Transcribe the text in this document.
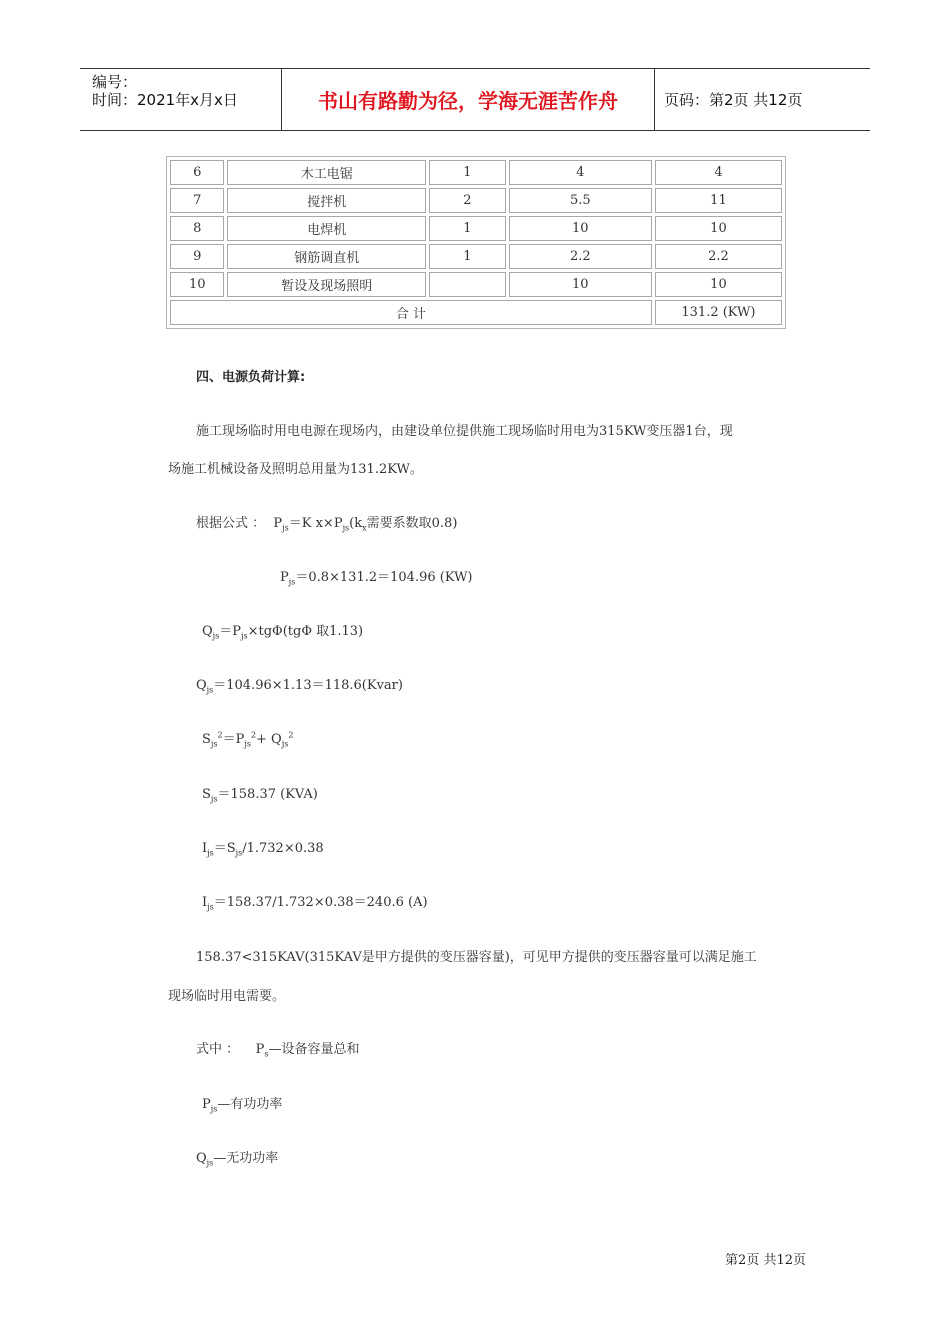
编号：
时间：2021年x月x日	书山有路勤为径，学海无涯苦作舟	页码：第2页 共12页
6	木工电锯	1	4	4
7	搅拌机	2	5.5	11
8	电焊机	1	10	10
9	钢筋调直机	1	2.2	2.2
10	暂设及现场照明		10	10
合 计				131.2 (KW)
四、电源负荷计算:
施工现场临时用电电源在现场内，由建设单位提供施工现场临时用电为315KW变压器1台，现
场施工机械设备及照明总用量为131.2KW。
根据公式 ： $P_{js}=K$ $x\times P_{js}(k_x$需要系数取0.8)
$P_{js}=0.8\times 131.2=104.96$ (KW)
$Q_{js}=P_{js}\times tg\Phi(tg\Phi$ 取1.13)
$Q_{js}=104.96\times 1.13=118.6(Kvar)$
$S_{js}^2=P_{js}^2+ Q_{js}^2$
$S_{js}=158.37$ (KVA)
$I_{js}=S_{js}/1.732\times 0.38$
$I_{js}=158.37/1.732\times 0.38=240.6$ (A)
158.37<315KAV(315KAV是甲方提供的变压器容量)，可见甲方提供的变压器容量可以满足施工
现场临时用电需要。
式中 ： $P_s—$设备容量总和
$P_{js}—$有功功率
$Q_{js}—$无功功率
第2页 共12页
